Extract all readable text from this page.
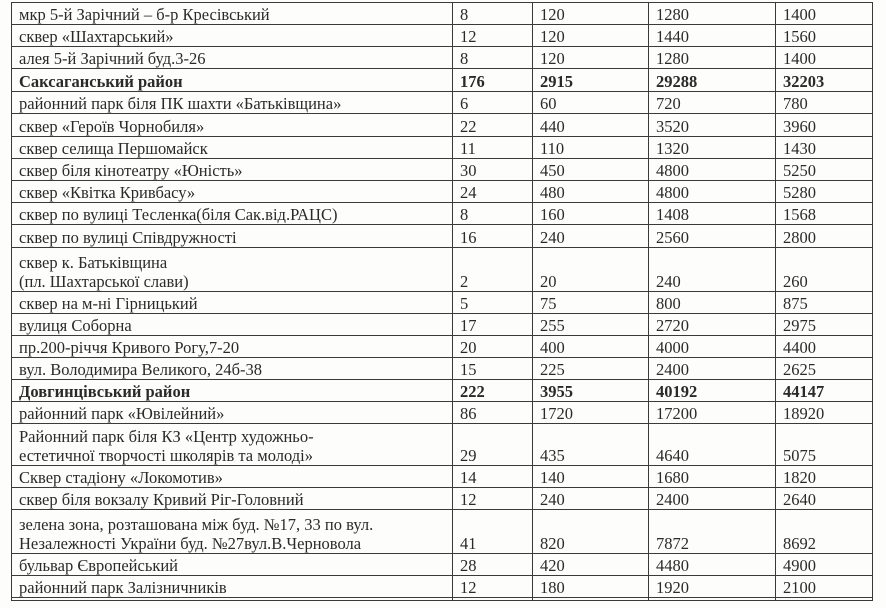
мкр 5-й Зарічний – б-р Кресівський	8	120	1280	1400
сквер «Шахтарський»	12	120	1440	1560
алея 5-й Зарічний буд.3-26	8	120	1280	1400
Саксаганський район	176	2915	29288	32203
районний парк біля ПК шахти «Батьківщина»	6	60	720	780
сквер «Героїв Чорнобиля»	22	440	3520	3960
сквер селища Першомайск	11	110	1320	1430
сквер біля кінотеатру «Юність»	30	450	4800	5250
сквер «Квітка Кривбасу»	24	480	4800	5280
сквер по вулиці Тесленка(біля Сак.від.РАЦС)	8	160	1408	1568
сквер по вулиці Співдружності	16	240	2560	2800

сквер к. Батьківщина
(пл. Шахтарської слави)	2	20	240	260
сквер на м-ні Гірницький	5	75	800	875
вулиця Соборна	17	255	2720	2975
пр.200-річчя Кривого Рогу,7-20	20	400	4000	4400
вул. Володимира Великого, 24б-38	15	225	2400	2625
Довгинцівський район	222	3955	40192	44147
районний парк «Ювілейний»	86	1720	17200	18920

Районний парк біля КЗ «Центр художньо-
естетичної творчості школярів та молоді»	29	435	4640	5075
Сквер стадіону «Локомотив»	14	140	1680	1820
сквер біля вокзалу Кривий Ріг-Головний	12	240	2400	2640

зелена зона, розташована між буд. №17, 33 по вул.
Незалежності України буд. №27вул.В.Черновола	41	820	7872	8692
бульвар Європейський	28	420	4480	4900
районний парк Залізничників	12	180	1920	2100
